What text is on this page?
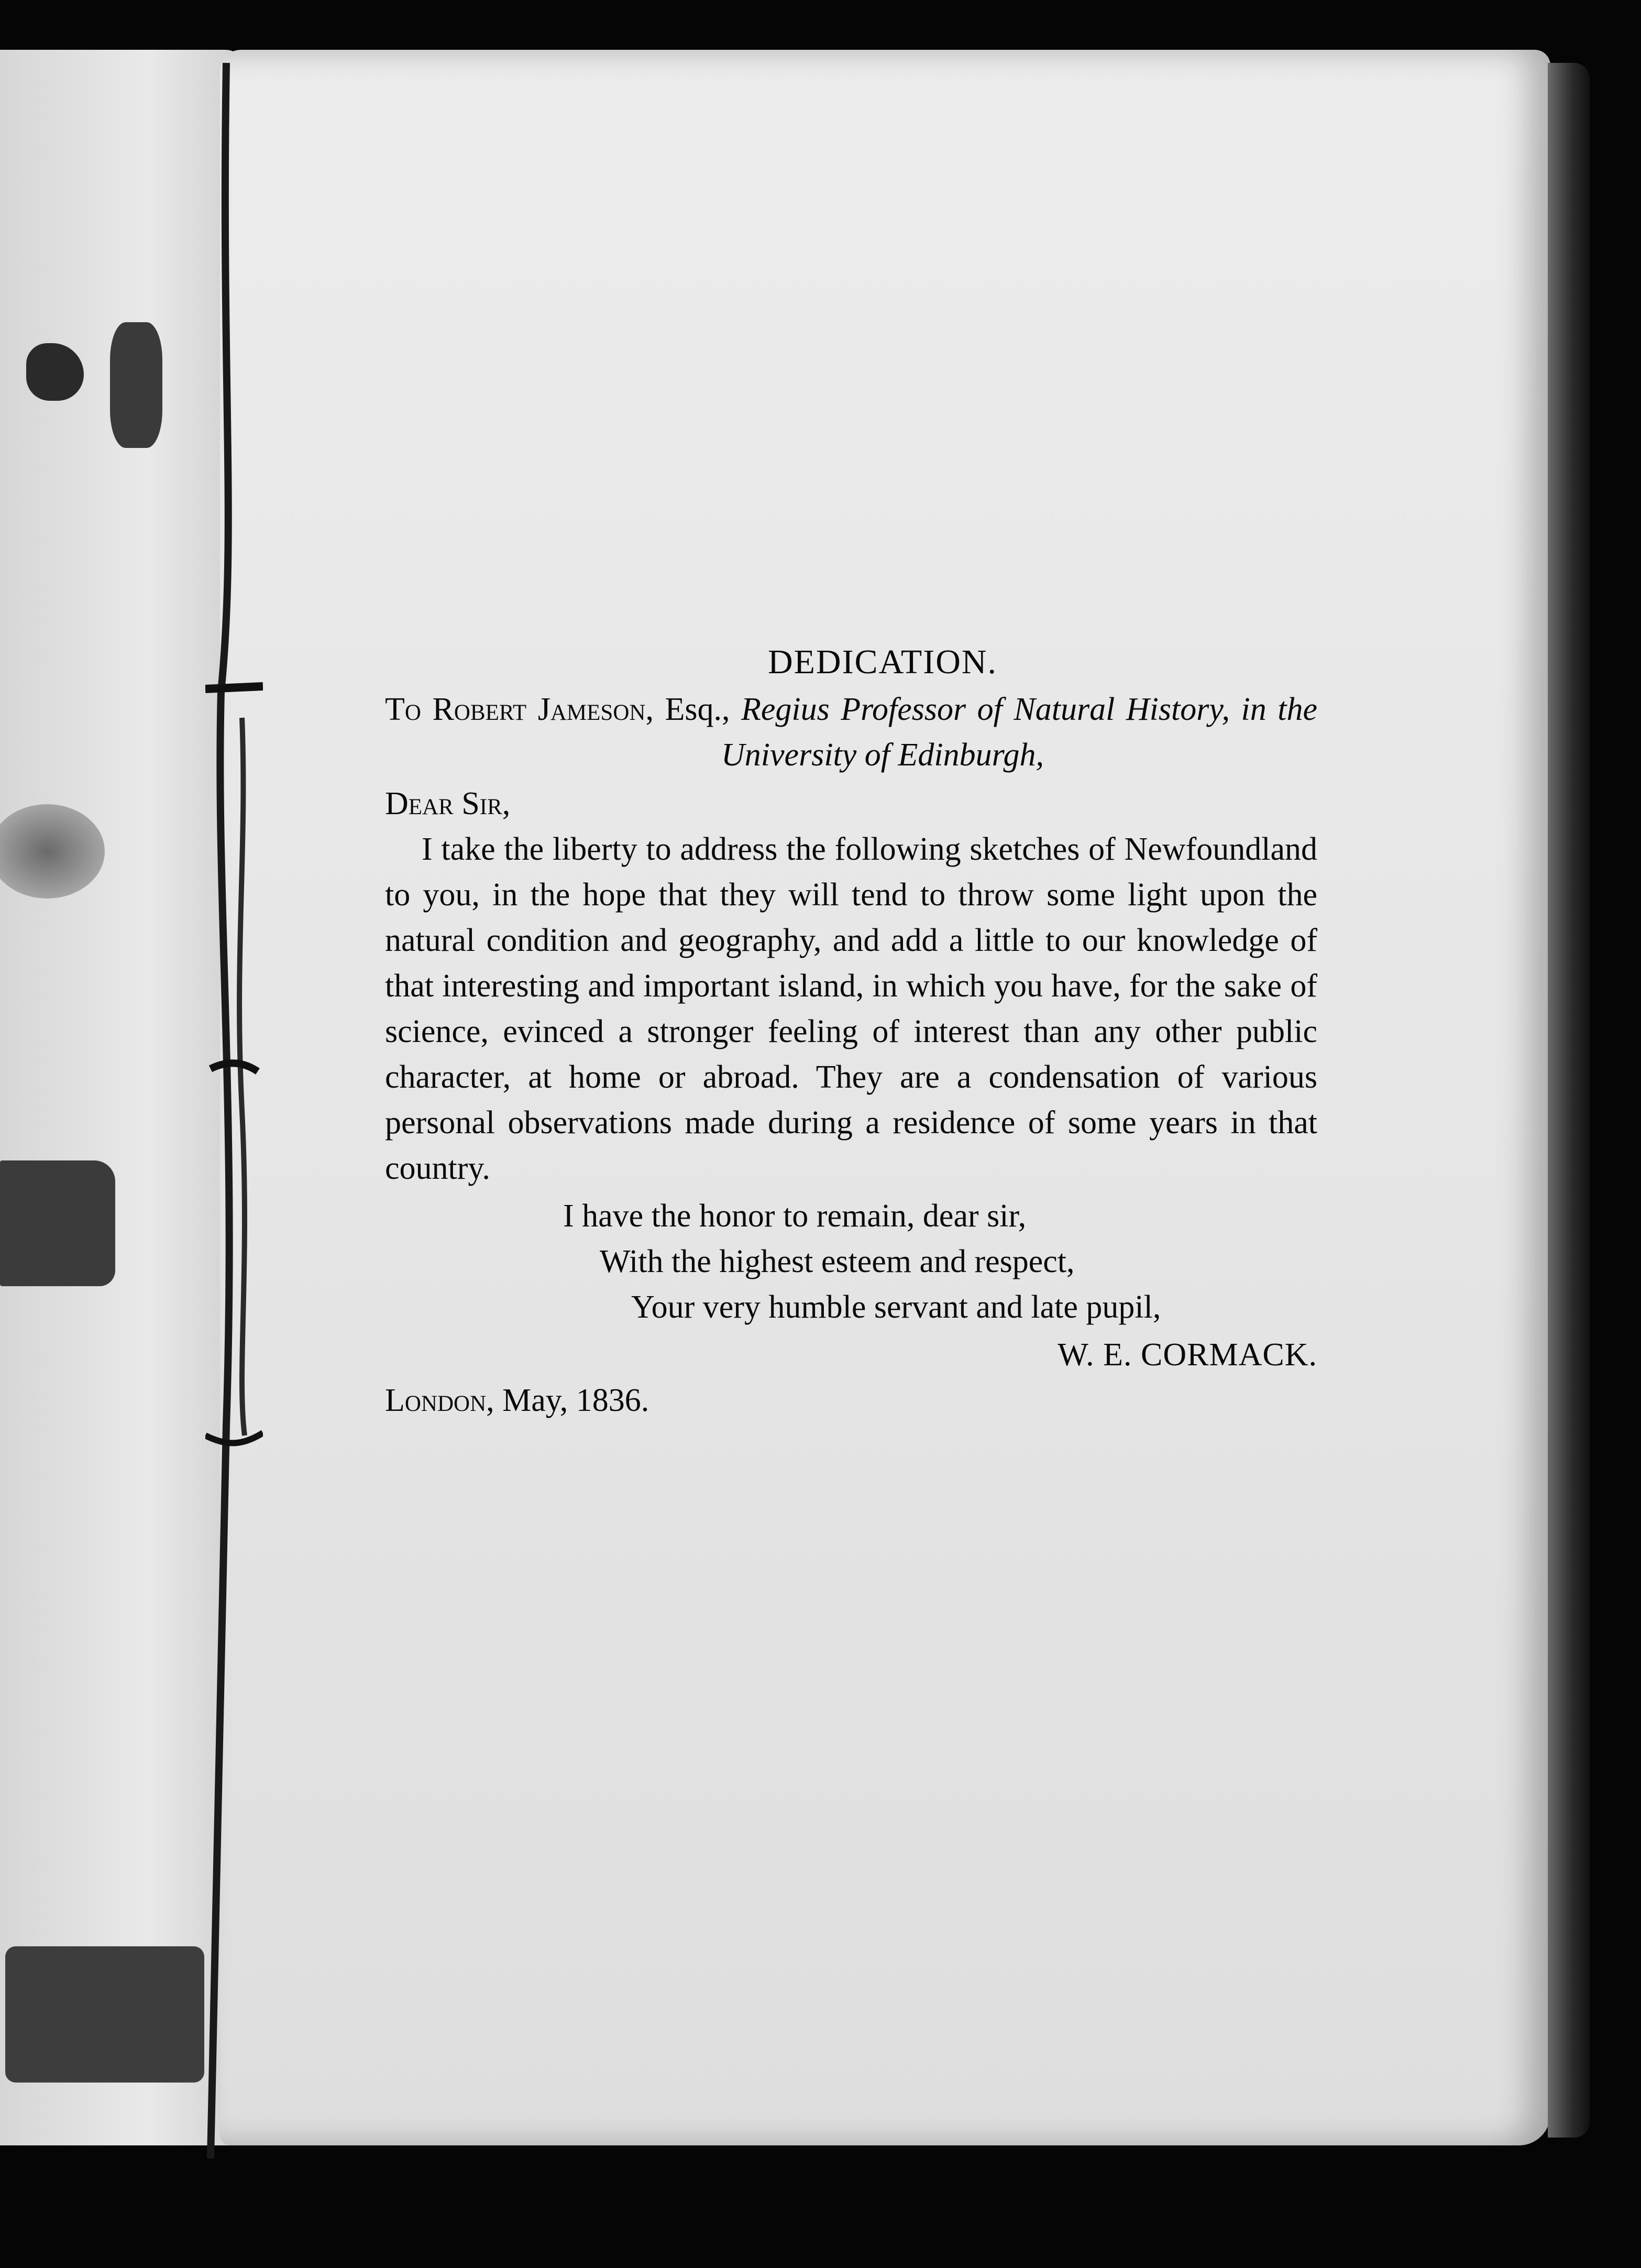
DEDICATION.
To Robert Jameson, Esq., Regius Professor of Natural History, in the University of Edinburgh,
Dear Sir,

I take the liberty to address the following sketches of Newfoundland to you, in the hope that they will tend to throw some light upon the natural condition and geography, and add a little to our knowledge of that interesting and important island, in which you have, for the sake of science, evinced a stronger feeling of interest than any other public character, at home or abroad. They are a condensation of various personal observations made during a residence of some years in that country.

I have the honor to remain, dear sir,
With the highest esteem and respect,
Your very humble servant and late pupil,
W. E. CORMACK.
London, May, 1836.
